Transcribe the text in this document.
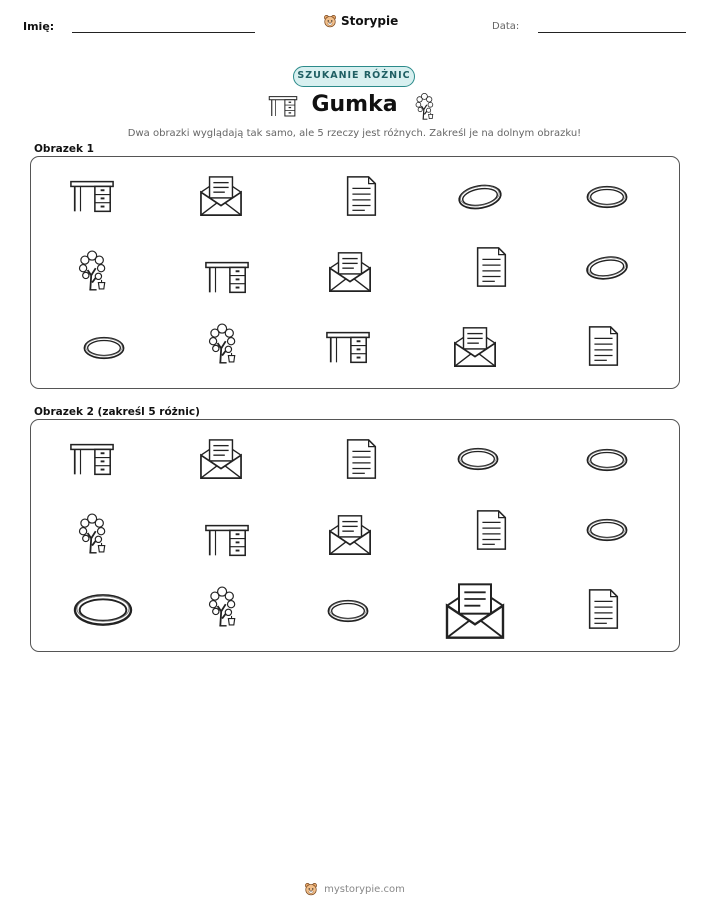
Imię:	Storypie	Data:
SZUKANIE RÓŻNIC
Gumka
Dwa obrazki wyglądają tak samo, ale 5 rzeczy jest różnych. Zakreśl je na dolnym obrazku!
Obrazek 1
Obrazek 2 (zakreśl 5 różnic)
mystorypie.com
